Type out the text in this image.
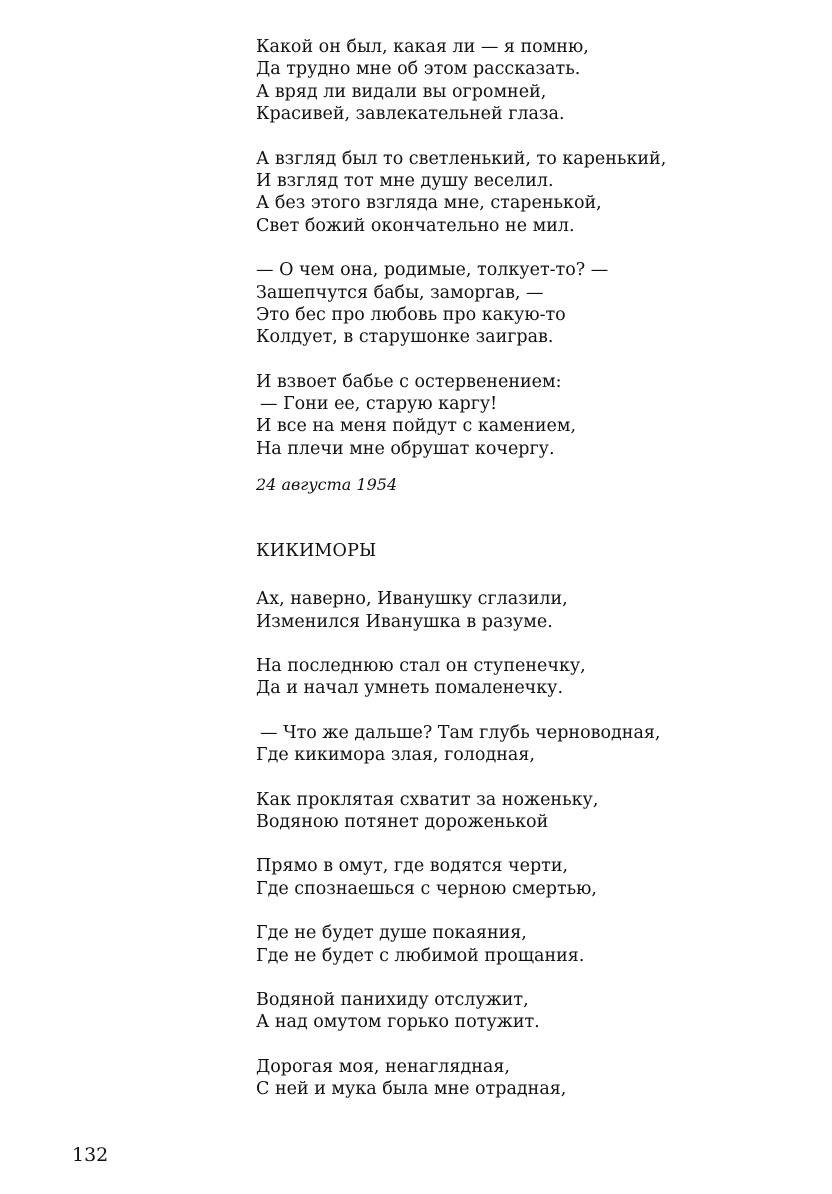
Какой он был, какая ли — я помню,
Да трудно мне об этом рассказать.
А вряд ли видали вы огромней,
Красивей, завлекательней глаза.
А взгляд был то светленький, то каренький,
И взгляд тот мне душу веселил.
А без этого взгляда мне, старенькой,
Свет божий окончательно не мил.
— О чем она, родимые, толкует-то? —
Зашепчутся бабы, заморгав, —
Это бес про любовь про какую-то
Колдует, в старушонке заиграв.
И взвоет бабье с остервенением:
— Гони ее, старую каргу!
И все на меня пойдут с камением,
На плечи мне обрушат кочергу.
24 августа 1954
КИКИМОРЫ
Ах, наверно, Иванушку сглазили,
Изменился Иванушка в разуме.
На последнюю стал он ступенечку,
Да и начал умнеть помаленечку.
— Что же дальше? Там глубь черноводная,
Где кикимора злая, голодная,
Как проклятая схватит за ноженьку,
Водяною потянет дороженькой
Прямо в омут, где водятся черти,
Где спознаешься с черною смертью,
Где не будет душе покаяния,
Где не будет с любимой прощания.
Водяной панихиду отслужит,
А над омутом горько потужит.
Дорогая моя, ненаглядная,
С ней и мука была мне отрадная,
132
